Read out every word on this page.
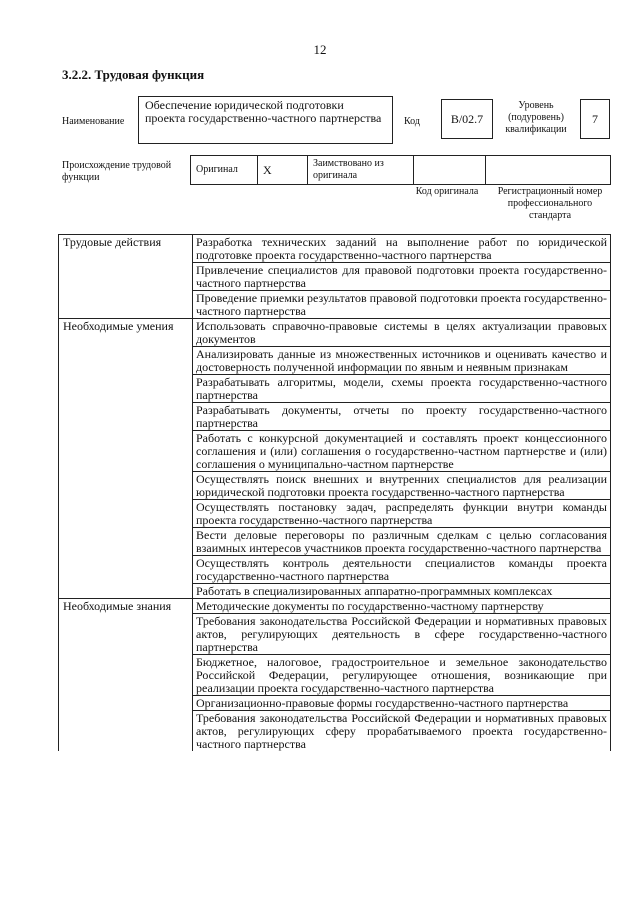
12
3.2.2. Трудовая функция
Наименование
Обеспечение юридической подготовки проекта государственно-частного партнерства	Код	B/02.7
Уровень (подуровень) квалификации
7
Происхождение трудовой функции
Оригинал	X	Заимствовано из оригинала
Код оригинала	Регистрационный номер профессионального стандарта
Трудовые действия	Разработка технических заданий на выполнение работ по юридической подготовке проекта государственно-частного партнерства
	Привлечение специалистов для правовой подготовки проекта государственно-частного партнерства
	Проведение приемки результатов правовой подготовки проекта государственно-частного партнерства
Необходимые умения	Использовать справочно-правовые системы в целях актуализации правовых документов
	Анализировать данные из множественных источников и оценивать качество и достоверность полученной информации по явным и неявным признакам
	Разрабатывать алгоритмы, модели, схемы проекта государственно-частного партнерства
	Разрабатывать документы, отчеты по проекту государственно-частного партнерства
	Работать с конкурсной документацией и составлять проект концессионного соглашения и (или) соглашения о государственно-частном партнерстве и (или) соглашения о муниципально-частном партнерстве
	Осуществлять поиск внешних и внутренних специалистов для реализации юридической подготовки проекта государственно-частного партнерства
	Осуществлять постановку задач, распределять функции внутри команды проекта государственно-частного партнерства
	Вести деловые переговоры по различным сделкам с целью согласования взаимных интересов участников проекта государственно-частного партнерства
	Осуществлять контроль деятельности специалистов команды проекта государственно-частного партнерства
	Работать в специализированных аппаратно-программных комплексах
Необходимые знания	Методические документы по государственно-частному партнерству
	Требования законодательства Российской Федерации и нормативных правовых актов, регулирующих деятельность в сфере государственно-частного партнерства
	Бюджетное, налоговое, градостроительное и земельное законодательство Российской Федерации, регулирующее отношения, возникающие при реализации проекта государственно-частного партнерства
	Организационно-правовые формы государственно-частного партнерства
	Требования законодательства Российской Федерации и нормативных правовых актов, регулирующих сферу прорабатываемого проекта государственно-частного партнерства
